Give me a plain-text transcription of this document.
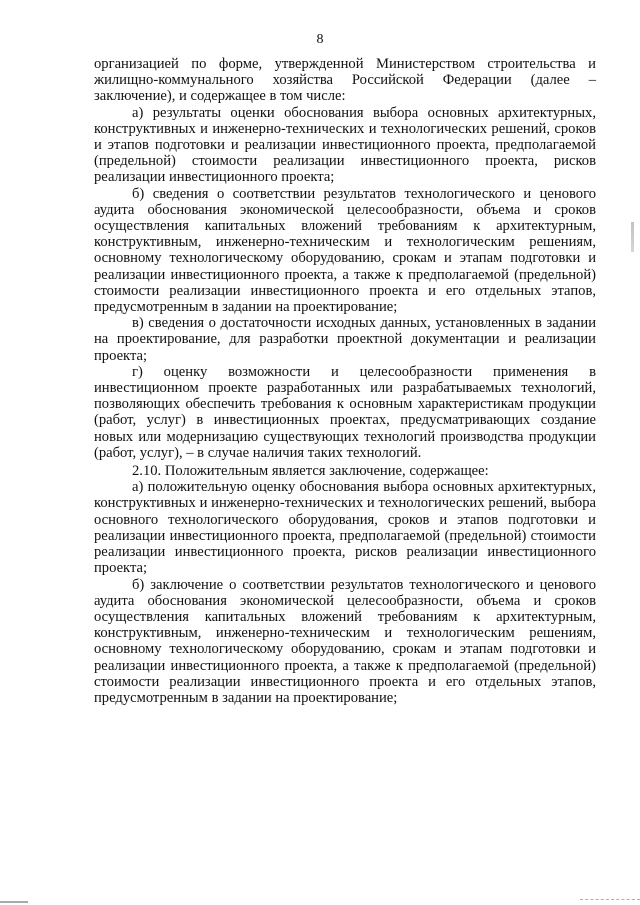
8

организацией по форме, утвержденной Министерством строительства и жилищно-коммунального хозяйства Российской Федерации (далее – заключение), и содержащее в том числе:

а) результаты оценки обоснования выбора основных архитектурных, конструктивных и инженерно-технических и технологических решений, сроков и этапов подготовки и реализации инвестиционного проекта, предполагаемой (предельной) стоимости реализации инвестиционного проекта, рисков реализации инвестиционного проекта;

б) сведения о соответствии результатов технологического и ценового аудита обоснования экономической целесообразности, объема и сроков осуществления капитальных вложений требованиям к архитектурным, конструктивным, инженерно-техническим и технологическим решениям, основному технологическому оборудованию, срокам и этапам подготовки и реализации инвестиционного проекта, а также к предполагаемой (предельной) стоимости реализации инвестиционного проекта и его отдельных этапов, предусмотренным в задании на проектирование;

в) сведения о достаточности исходных данных, установленных в задании на проектирование, для разработки проектной документации и реализации проекта;

г) оценку возможности и целесообразности применения в инвестиционном проекте разработанных или разрабатываемых технологий, позволяющих обеспечить требования к основным характеристикам продукции (работ, услуг) в инвестиционных проектах, предусматривающих создание новых или модернизацию существующих технологий производства продукции (работ, услуг), – в случае наличия таких технологий.

2.10. Положительным является заключение, содержащее:

а) положительную оценку обоснования выбора основных архитектурных, конструктивных и инженерно-технических и технологических решений, выбора основного технологического оборудования, сроков и этапов подготовки и реализации инвестиционного проекта, предполагаемой (предельной) стоимости реализации инвестиционного проекта, рисков реализации инвестиционного проекта;

б) заключение о соответствии результатов технологического и ценового аудита обоснования экономической целесообразности, объема и сроков осуществления капитальных вложений требованиям к архитектурным, конструктивным, инженерно-техническим и технологическим решениям, основному технологическому оборудованию, срокам и этапам подготовки и реализации инвестиционного проекта, а также к предполагаемой (предельной) стоимости реализации инвестиционного проекта и его отдельных этапов, предусмотренным в задании на проектирование;
